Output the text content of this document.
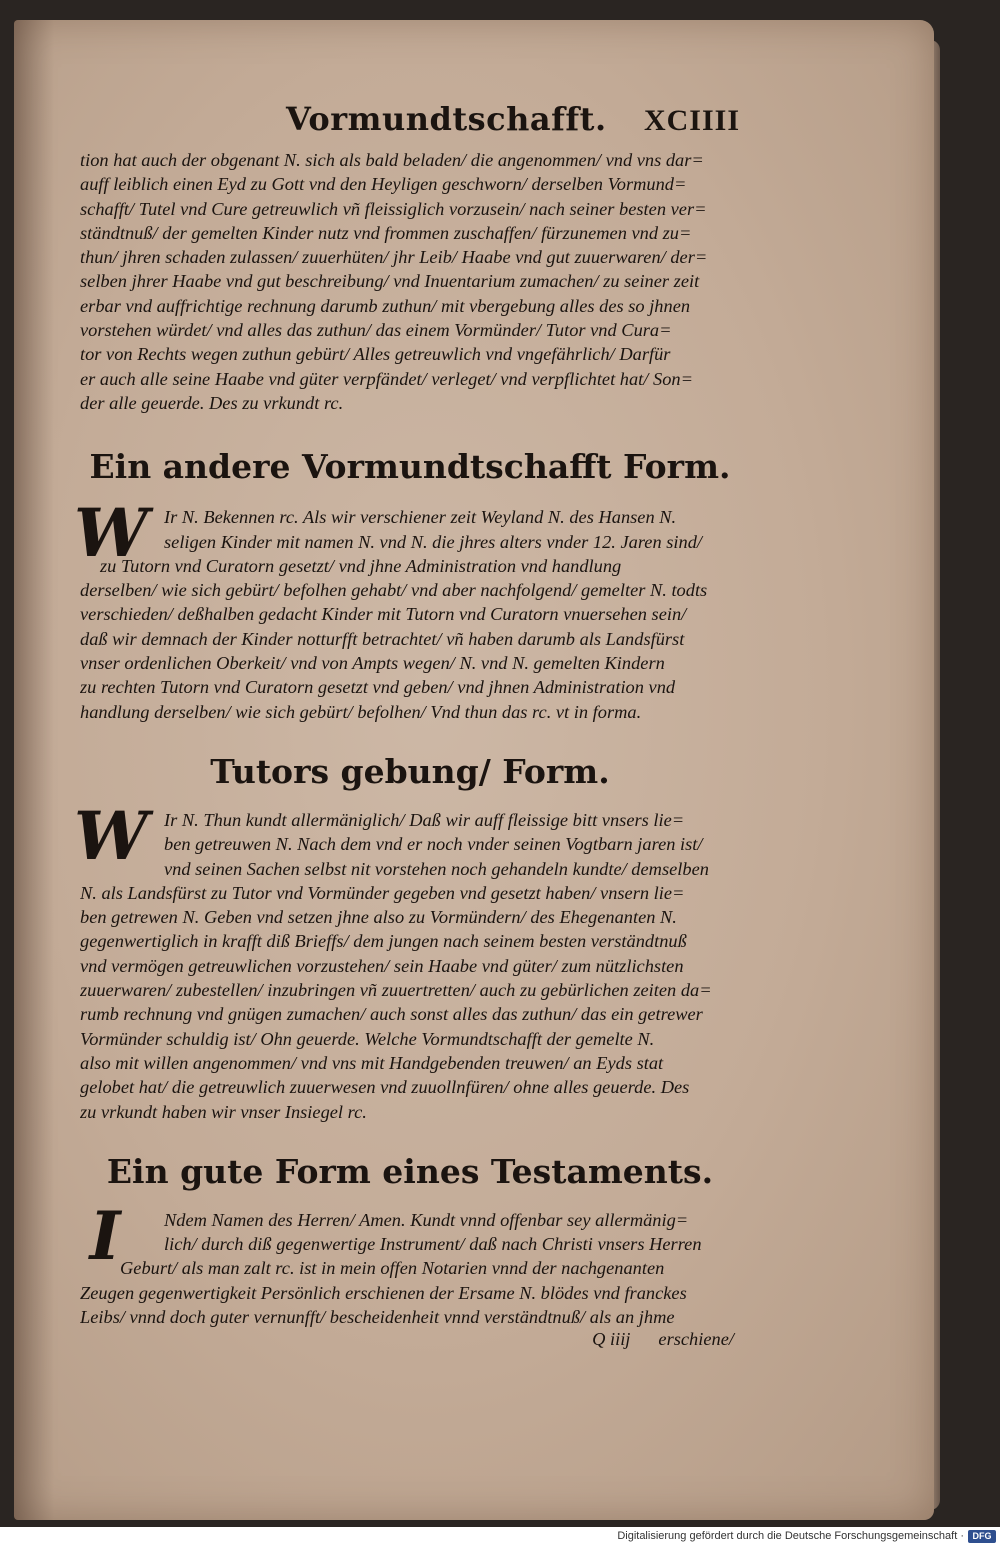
Vormundtschafft. XCIIII

tion hat auch der obgenant N. sich als bald beladen/ die angenommen/ vnd vns dar=
auff leiblich einen Eyd zu Gott vnd den Heyligen geschworn/ derselben Vormund=
schafft/ Tutel vnd Cure getreuwlich vñ fleissiglich vorzusein/ nach seiner besten ver=
ständtnuß/ der gemelten Kinder nutz vnd frommen zuschaffen/ fürzunemen vnd zu=
thun/ jhren schaden zulassen/ zuuerhüten/ jhr Leib/ Haabe vnd gut zuuerwaren/ der=
selben jhrer Haabe vnd gut beschreibung/ vnd Inuentarium zumachen/ zu seiner zeit
erbar vnd auffrichtige rechnung darumb zuthun/ mit vbergebung alles des so jhnen
vorstehen würdet/ vnd alles das zuthun/ das einem Vormünder/ Tutor vnd Cura=
tor von Rechts wegen zuthun gebürt/ Alles getreuwlich vnd vngefährlich/ Darfür
er auch alle seine Haabe vnd güter verpfändet/ verleget/ vnd verpflichtet hat/ Son=
der alle geuerde. Des zu vrkundt rc.

Ein andere Vormundtschafft Form.

W Ir N. Bekennen rc. Als wir verschiener zeit Weyland N. des Hansen N.
seligen Kinder mit namen N. vnd N. die jhres alters vnder 12. Jaren sind/
zu Tutorn vnd Curatorn gesetzt/ vnd jhne Administration vnd handlung
derselben/ wie sich gebürt/ befolhen gehabt/ vnd aber nachfolgend/ gemelter N. todts
verschieden/ deßhalben gedacht Kinder mit Tutorn vnd Curatorn vnuersehen sein/
daß wir demnach der Kinder notturfft betrachtet/ vñ haben darumb als Landsfürst
vnser ordenlichen Oberkeit/ vnd von Ampts wegen/ N. vnd N. gemelten Kindern
zu rechten Tutorn vnd Curatorn gesetzt vnd geben/ vnd jhnen Administration vnd
handlung derselben/ wie sich gebürt/ befolhen/ Vnd thun das rc. vt in forma.

Tutors gebung/ Form.

W Ir N. Thun kundt allermäniglich/ Daß wir auff fleissige bitt vnsers lie=
ben getreuwen N. Nach dem vnd er noch vnder seinen Vogtbarn jaren ist/
vnd seinen Sachen selbst nit vorstehen noch gehandeln kundte/ demselben
N. als Landsfürst zu Tutor vnd Vormünder gegeben vnd gesetzt haben/ vnsern lie=
ben getrewen N. Geben vnd setzen jhne also zu Vormündern/ des Ehegenanten N.
gegenwertiglich in krafft diß Brieffs/ dem jungen nach seinem besten verständtnuß
vnd vermögen getreuwlichen vorzustehen/ sein Haabe vnd güter/ zum nützlichsten
zuuerwaren/ zubestellen/ inzubringen vñ zuuertretten/ auch zu gebürlichen zeiten da=
rumb rechnung vnd gnügen zumachen/ auch sonst alles das zuthun/ das ein getrewer
Vormünder schuldig ist/ Ohn geuerde. Welche Vormundtschafft der gemelte N.
also mit willen angenommen/ vnd vns mit Handgebenden treuwen/ an Eyds stat
gelobet hat/ die getreuwlich zuuerwesen vnd zuuollnfüren/ ohne alles geuerde. Des
zu vrkundt haben wir vnser Insiegel rc.

Ein gute Form eines Testaments.

I	Ndem Namen des Herren/ Amen. Kundt vnnd offenbar sey allermänig=
lich/ durch diß gegenwertige Instrument/ daß nach Christi vnsers Herren
Geburt/ als man zalt rc. ist in mein offen Notarien vnnd der nachgenanten
Zeugen gegenwertigkeit Persönlich erschienen der Ersame N. blödes vnd franckes
Leibs/ vnnd doch guter vernunfft/ bescheidenheit vnnd verständtnuß/ als an jhme

Q iiij erschiene/
Digitalisierung gefördert durch die Deutsche Forschungsgemeinschaft · DFG
